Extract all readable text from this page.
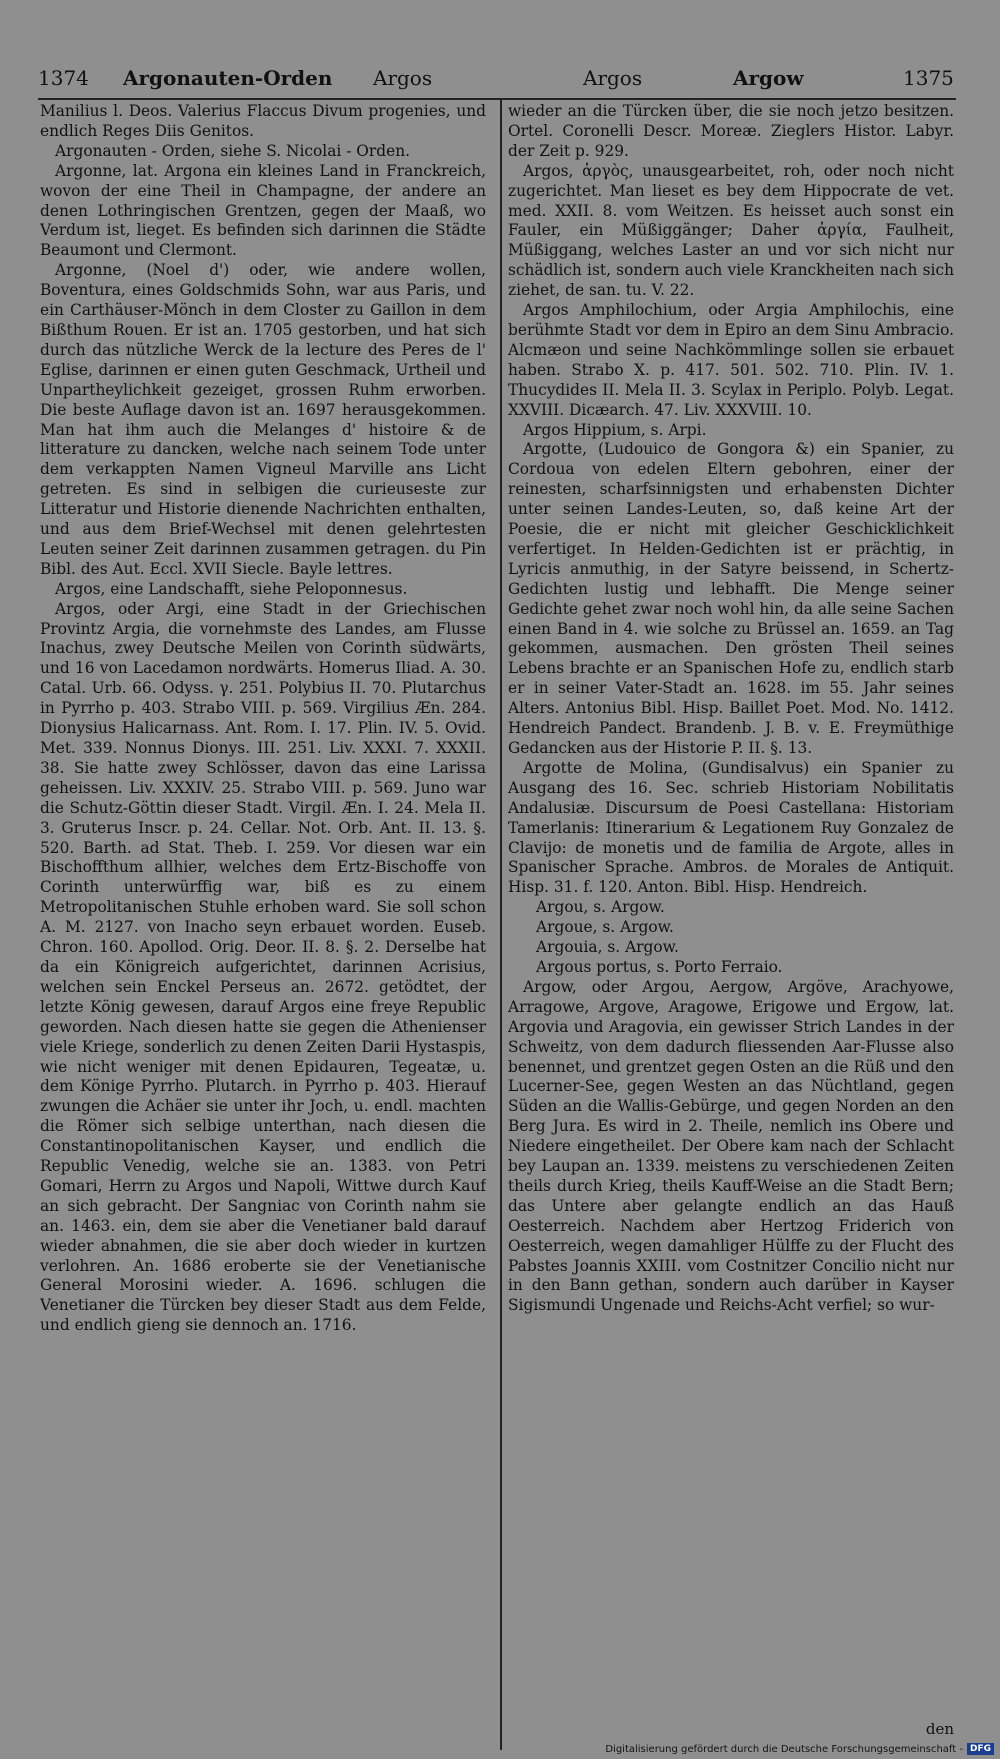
1374 Argonauten-Orden Argos	Argos	Argow	1375

Manilius l. Deos. Valerius Flaccus Divum progenies, und endlich Reges Diis Genitos.

Argonauten - Orden, siehe S. Nicolai - Orden.

Argonne, lat. Argona ein kleines Land in Franckreich, wovon der eine Theil in Champagne, der andere an denen Lothringischen Grentzen, gegen der Maaß, wo Verdum ist, lieget. Es befinden sich darinnen die Städte Beaumont und Clermont.

Argonne, (Noel d') oder, wie andere wollen, Boventura, eines Goldschmids Sohn, war aus Paris, und ein Carthäuser-Mönch in dem Closter zu Gaillon in dem Bißthum Rouen. Er ist an. 1705 gestorben, und hat sich durch das nützliche Werck de la lecture des Peres de l' Eglise, darinnen er einen guten Geschmack, Urtheil und Unpartheylichkeit gezeiget, grossen Ruhm erworben. Die beste Auflage davon ist an. 1697 herausgekommen. Man hat ihm auch die Melanges d' histoire & de litterature zu dancken, welche nach seinem Tode unter dem verkappten Namen Vigneul Marville ans Licht getreten. Es sind in selbigen die curieuseste zur Litteratur und Historie dienende Nachrichten enthalten, und aus dem Brief-Wechsel mit denen gelehrtesten Leuten seiner Zeit darinnen zusammen getragen. du Pin Bibl. des Aut. Eccl. XVII Siecle. Bayle lettres.

Argos, eine Landschafft, siehe Peloponnesus.

Argos, oder Argi, eine Stadt in der Griechischen Provintz Argia, die vornehmste des Landes, am Flusse Inachus, zwey Deutsche Meilen von Corinth südwärts, und 16 von Lacedamon nordwärts. Homerus Iliad. A. 30. Catal. Urb. 66. Odyss. γ. 251. Polybius II. 70. Plutarchus in Pyrrho p. 403. Strabo VIII. p. 569. Virgilius Æn. 284. Dionysius Halicarnass. Ant. Rom. I. 17. Plin. IV. 5. Ovid. Met. 339. Nonnus Dionys. III. 251. Liv. XXXI. 7. XXXII. 38. Sie hatte zwey Schlösser, davon das eine Larissa geheissen. Liv. XXXIV. 25. Strabo VIII. p. 569. Juno war die Schutz-Göttin dieser Stadt. Virgil. Æn. I. 24. Mela II. 3. Gruterus Inscr. p. 24. Cellar. Not. Orb. Ant. II. 13. §. 520. Barth. ad Stat. Theb. I. 259. Vor diesen war ein Bischoffthum allhier, welches dem Ertz-Bischoffe von Corinth unterwürffig war, biß es zu einem Metropolitanischen Stuhle erhoben ward. Sie soll schon A. M. 2127. von Inacho seyn erbauet worden. Euseb. Chron. 160. Apollod. Orig. Deor. II. 8. §. 2. Derselbe hat da ein Königreich aufgerichtet, darinnen Acrisius, welchen sein Enckel Perseus an. 2672. getödtet, der letzte König gewesen, darauf Argos eine freye Republic geworden. Nach diesen hatte sie gegen die Athenienser viele Kriege, sonderlich zu denen Zeiten Darii Hystaspis, wie nicht weniger mit denen Epidauren, Tegeatæ, u. dem Könige Pyrrho. Plutarch. in Pyrrho p. 403. Hierauf zwungen die Achäer sie unter ihr Joch, u. endl. machten die Römer sich selbige unterthan, nach diesen die Constantinopolitanischen Kayser, und endlich die Republic Venedig, welche sie an. 1383. von Petri Gomari, Herrn zu Argos und Napoli, Wittwe durch Kauf an sich gebracht. Der Sangniac von Corinth nahm sie an. 1463. ein, dem sie aber die Venetianer bald darauf wieder abnahmen, die sie aber doch wieder in kurtzen verlohren. An. 1686 eroberte sie der Venetianische General Morosini wieder. A. 1696. schlugen die Venetianer die Türcken bey dieser Stadt aus dem Felde, und endlich gieng sie dennoch an. 1716.

wieder an die Türcken über, die sie noch jetzo besitzen. Ortel. Coronelli Descr. Moreæ. Zieglers Histor. Labyr. der Zeit p. 929.

Argos, ἀργὸς, unausgearbeitet, roh, oder noch nicht zugerichtet. Man lieset es bey dem Hippocrate de vet. med. XXII. 8. vom Weitzen. Es heisset auch sonst ein Fauler, ein Müßiggänger; Daher ἀργία, Faulheit, Müßiggang, welches Laster an und vor sich nicht nur schädlich ist, sondern auch viele Kranckheiten nach sich ziehet, de san. tu. V. 22.

Argos Amphilochium, oder Argia Amphilochis, eine berühmte Stadt vor dem in Epiro an dem Sinu Ambracio. Alcmæon und seine Nachkömmlinge sollen sie erbauet haben. Strabo X. p. 417. 501. 502. 710. Plin. IV. 1. Thucydides II. Mela II. 3. Scylax in Periplo. Polyb. Legat. XXVIII. Dicæarch. 47. Liv. XXXVIII. 10.

Argos Hippium, s. Arpi.

Argotte, (Ludouico de Gongora &) ein Spanier, zu Cordoua von edelen Eltern gebohren, einer der reinesten, scharfsinnigsten und erhabensten Dichter unter seinen Landes-Leuten, so, daß keine Art der Poesie, die er nicht mit gleicher Geschicklichkeit verfertiget. In Helden-Gedichten ist er prächtig, in Lyricis anmuthig, in der Satyre beissend, in Schertz-Gedichten lustig und lebhafft. Die Menge seiner Gedichte gehet zwar noch wohl hin, da alle seine Sachen einen Band in 4. wie solche zu Brüssel an. 1659. an Tag gekommen, ausmachen. Den grösten Theil seines Lebens brachte er an Spanischen Hofe zu, endlich starb er in seiner Vater-Stadt an. 1628. im 55. Jahr seines Alters. Antonius Bibl. Hisp. Baillet Poet. Mod. No. 1412. Hendreich Pandect. Brandenb. J. B. v. E. Freymüthige Gedancken aus der Historie P. II. §. 13.

Argotte de Molina, (Gundisalvus) ein Spanier zu Ausgang des 16. Sec. schrieb Historiam Nobilitatis Andalusiæ. Discursum de Poesi Castellana: Historiam Tamerlanis: Itinerarium & Legationem Ruy Gonzalez de Clavijo: de monetis und de familia de Argote, alles in Spanischer Sprache. Ambros. de Morales de Antiquit. Hisp. 31. f. 120. Anton. Bibl. Hisp. Hendreich.

Argou, s. Argow.

Argoue, s. Argow.

Argouia, s. Argow.

Argous portus, s. Porto Ferraio.

Argow, oder Argou, Aergow, Argöve, Arachyowe, Arragowe, Argove, Aragowe, Erigowe und Ergow, lat. Argovia und Aragovia, ein gewisser Strich Landes in der Schweitz, von dem dadurch fliessenden Aar-Flusse also benennet, und grentzet gegen Osten an die Rüß und den Lucerner-See, gegen Westen an das Nüchtland, gegen Süden an die Wallis-Gebürge, und gegen Norden an den Berg Jura. Es wird in 2. Theile, nemlich ins Obere und Niedere eingetheilet. Der Obere kam nach der Schlacht bey Laupan an. 1339. meistens zu verschiedenen Zeiten theils durch Krieg, theils Kauff-Weise an die Stadt Bern; das Untere aber gelangte endlich an das Hauß Oesterreich. Nachdem aber Hertzog Friderich von Oesterreich, wegen damahliger Hülffe zu der Flucht des Pabstes Joannis XXIII. vom Costnitzer Concilio nicht nur in den Bann gethan, sondern auch darüber in Kayser Sigismundi Ungenade und Reichs-Acht verfiel; so wur-

den
Digitalisierung gefördert durch die Deutsche Forschungsgemeinschaft - DFG
